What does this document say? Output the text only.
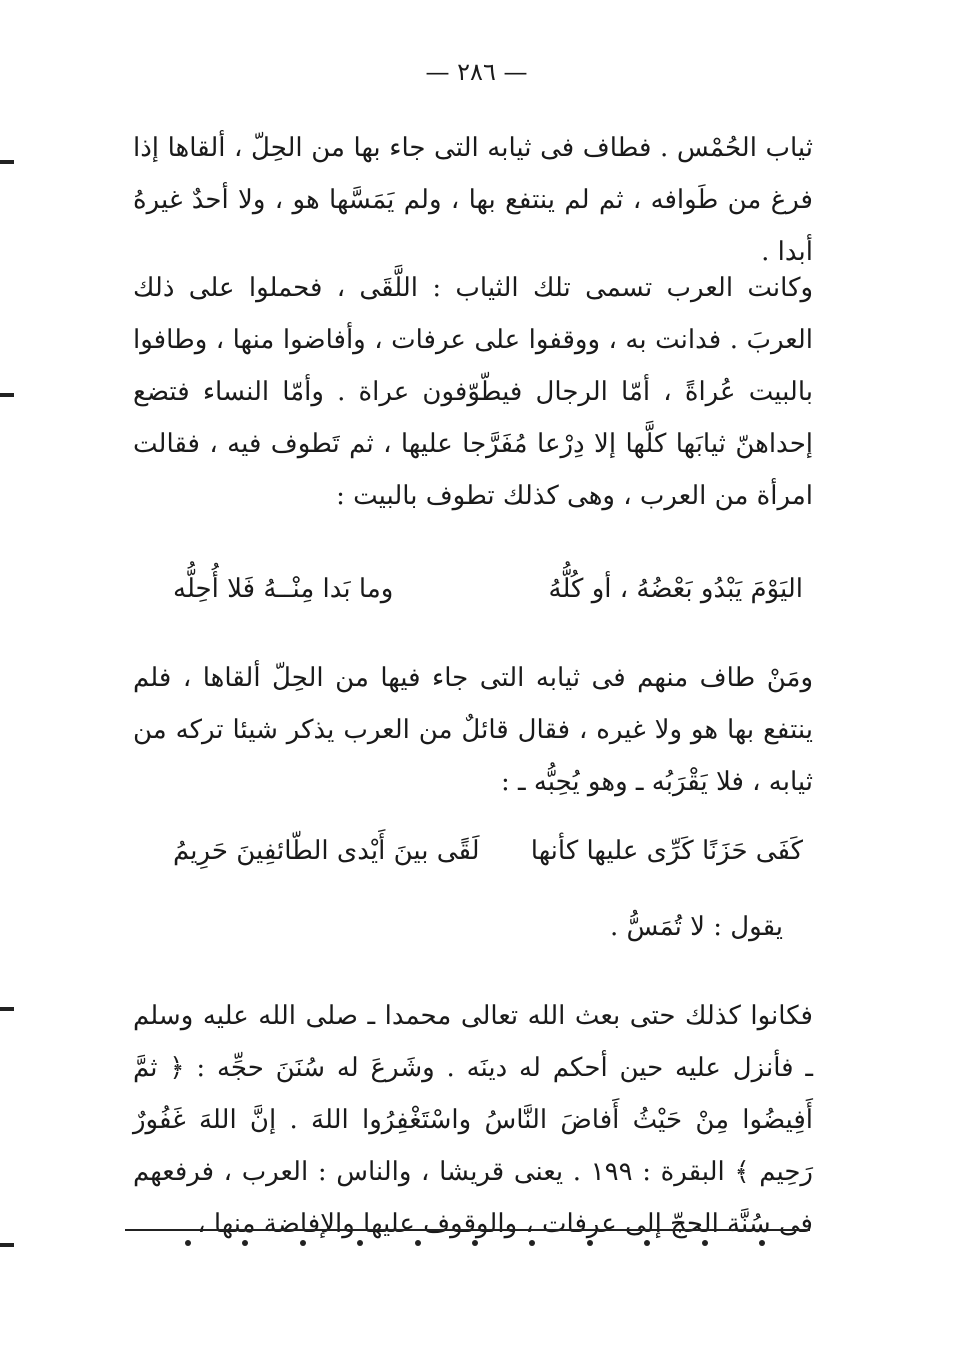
— ٢٨٦ —
ثياب الحُمْس . فطاف فى ثيابه التى جاء بها من الحِلّ ، ألقاها إذا فرغ من طَوافه ، ثم لم ينتفع بها ، ولم يَمَسَّها هو ، ولا أحدٌ غيرهُ أبدا .
وكانت العرب تسمى تلك الثياب : اللَّقَى ، فحملوا على ذلك العربَ . فدانت به ، ووقفوا على عرفات ، وأفاضوا منها ، وطافوا بالبيت عُراةً ، أمّا الرجال فيطّوّفون عراة . وأمّا النساء فتضع إحداهنّ ثيابَها كلَّها إلا دِرْعا مُفَرَّجا عليها ، ثم تَطوف فيه ، فقالت امرأة من العرب ، وهى كذلك تطوف بالبيت :
اليَوْمَ يَبْدُو بَعْضُهُ ، أو كُلُّهُ
وما بَدا مِنْــهُ فَلا أُحِلُّه
ومَنْ طاف منهم فى ثيابه التى جاء فيها من الحِلّ ألقاها ، فلم ينتفع بها هو ولا غيره ، فقال قائلٌ من العرب يذكر شيئا تركه من ثيابه ، فلا يَقْرَبُه ـ وهو يُحِبُّه ـ :
كَفَى حَزَنًا كَرِّى عليها كأنها
لَقًى بينَ أَيْدى الطّائفِينَ حَرِيمُ
يقول : لا تُمَسُّ .
فكانوا كذلك حتى بعث الله تعالى محمدا ـ صلى الله عليه وسلم ـ فأنزل عليه حين أحكم له دينَه . وشَرعَ له سُنَنَ حجِّه : ﴿ ثمَّ أَفِيضُوا مِنْ حَيْثُ أَفاضَ النَّاسُ واسْتَغْفِرُوا اللهَ . إنَّ اللهَ غَفُورٌ رَحِيم ﴾ البقرة : ١٩٩ . يعنى قريشا ، والناس : العرب ، فرفعهم فى سُنَّة الحجّ إلى عرفات ، والوقوف عليها والإفاضة منها ،
